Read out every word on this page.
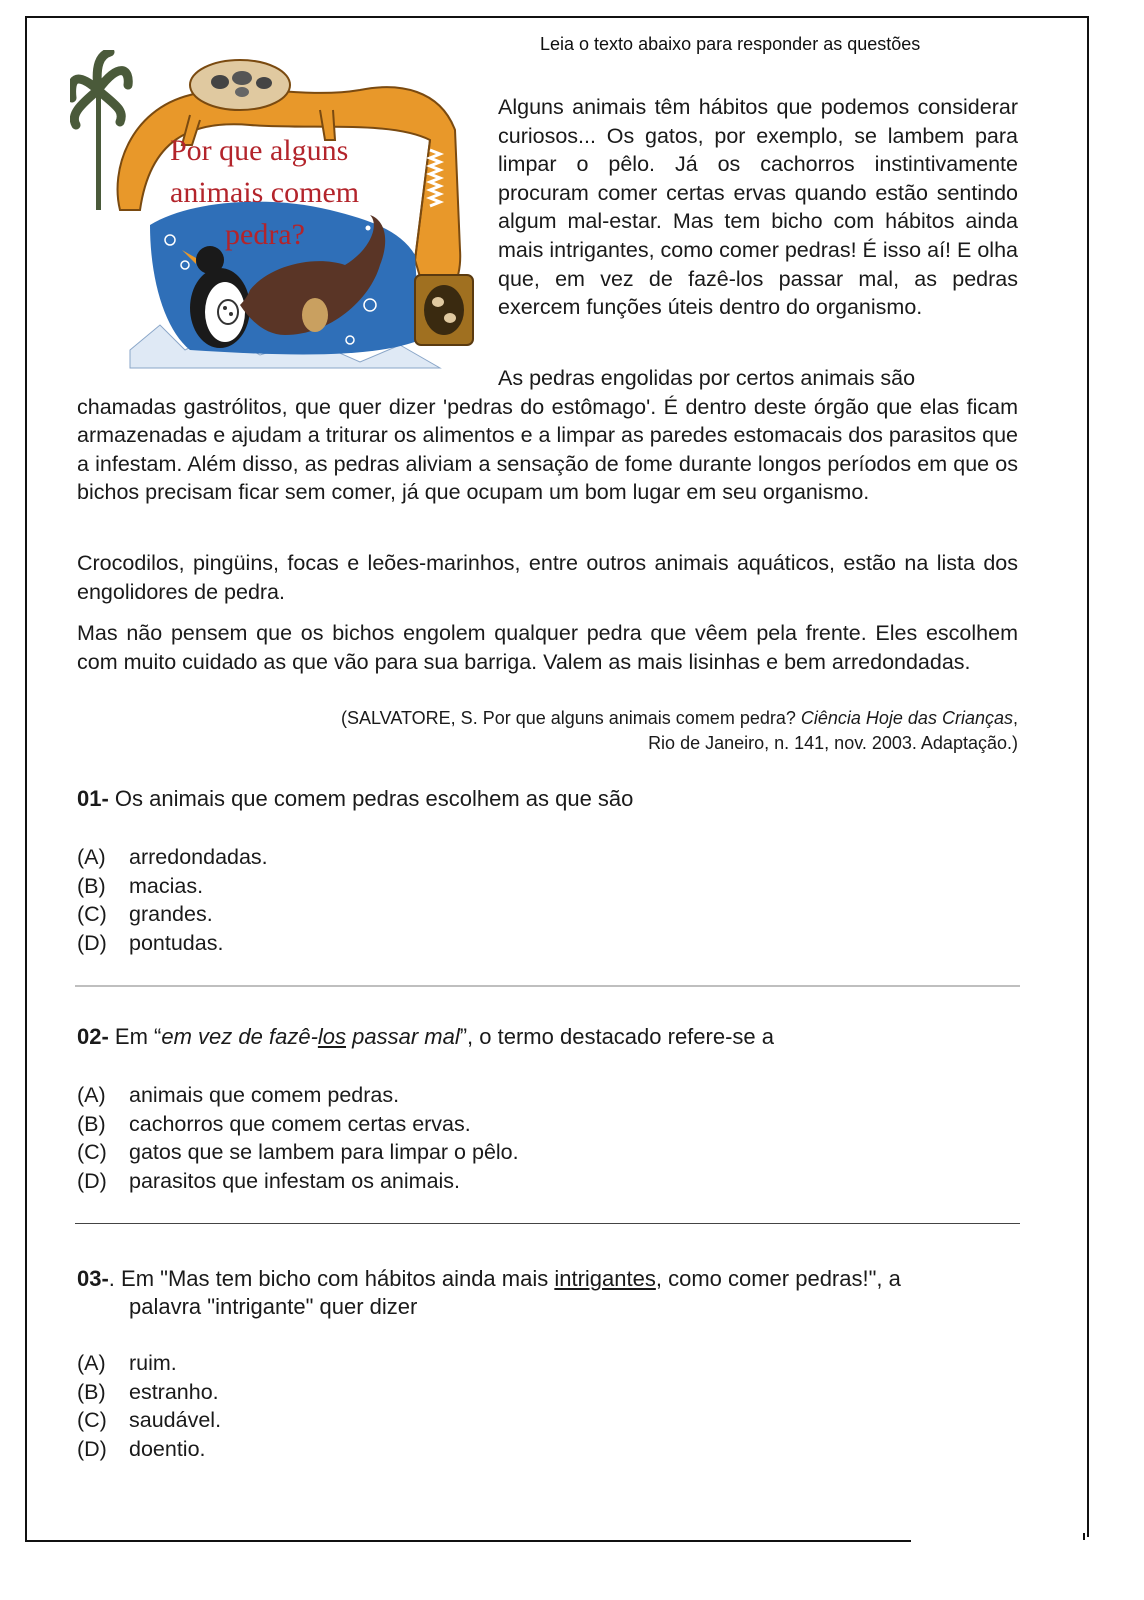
Leia o texto abaixo para responder as questões
Por que alguns
animais comem
pedra?

Alguns animais têm hábitos que podemos considerar curiosos... Os gatos, por exemplo, se lambem para limpar o pêlo. Já os cachorros instintivamente procuram comer certas ervas quando estão sentindo algum mal-estar. Mas tem bicho com hábitos ainda mais intrigantes, como comer pedras! É isso aí! E olha que, em vez de fazê-los passar mal, as pedras exercem funções úteis dentro do organismo.

As pedras engolidas por certos animais são

chamadas gastrólitos, que quer dizer 'pedras do estômago'. É dentro deste órgão que elas ficam armazenadas e ajudam a triturar os alimentos e a limpar as paredes estomacais dos parasitos que a infestam. Além disso, as pedras aliviam a sensação de fome durante longos períodos em que os bichos precisam ficar sem comer, já que ocupam um bom lugar em seu organismo.

Crocodilos, pingüins, focas e leões-marinhos, entre outros animais aquáticos, estão na lista dos engolidores de pedra.

Mas não pensem que os bichos engolem qualquer pedra que vêem pela frente. Eles escolhem com muito cuidado as que vão para sua barriga. Valem as mais lisinhas e bem arredondadas.

(SALVATORE, S. Por que alguns animais comem pedra? Ciência Hoje das Crianças,
Rio de Janeiro, n. 141, nov. 2003. Adaptação.)
01- Os animais que comem pedras escolhem as que são
(A)	arredondadas.
(B)	macias.
(C)	grandes.
(D)	pontudas.
02- Em “em vez de fazê-los passar mal”, o termo destacado refere-se a
(A)	animais que comem pedras.
(B)	cachorros que comem certas ervas.
(C)	gatos que se lambem para limpar o pêlo.
(D)	parasitos que infestam os animais.
03-. Em "Mas tem bicho com hábitos ainda mais intrigantes, como comer pedras!", a
palavra "intrigante" quer dizer
(A)	ruim.
(B)	estranho.
(C)	saudável.
(D)	doentio.
